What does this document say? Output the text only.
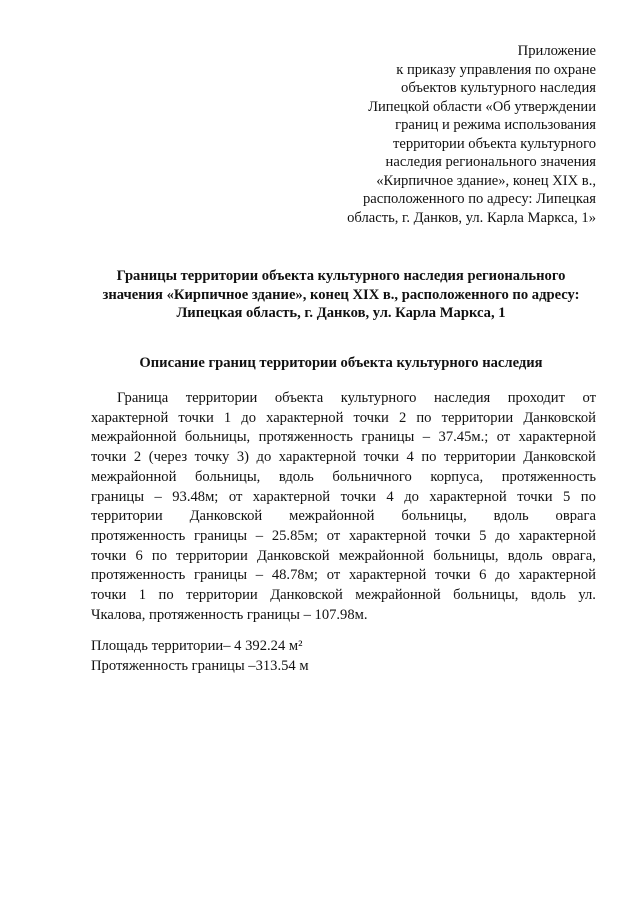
Приложение
к приказу управления по охране
объектов культурного наследия
Липецкой области «Об утверждении
границ и режима использования
территории объекта культурного
наследия регионального значения
«Кирпичное здание», конец XIX в.,
расположенного по адресу: Липецкая
область, г. Данков, ул. Карла Маркса, 1»
Границы территории объекта культурного наследия регионального
значения «Кирпичное здание», конец XIX в., расположенного по адресу:
Липецкая область, г. Данков, ул. Карла Маркса, 1
Описание границ территории объекта культурного наследия
Граница территории объекта культурного наследия проходит от
характерной точки 1 до характерной точки 2 по территории Данковской
межрайонной больницы, протяженность границы – 37.45м.; от характерной
точки 2 (через точку 3) до характерной точки 4 по территории Данковской
межрайонной больницы, вдоль больничного корпуса, протяженность
границы – 93.48м; от характерной точки 4 до характерной точки 5 по
территории Данковской межрайонной больницы, вдоль оврага
протяженность границы – 25.85м; от характерной точки 5 до характерной
точки 6 по территории Данковской межрайонной больницы, вдоль оврага,
протяженность границы – 48.78м; от характерной точки 6 до характерной
точки 1 по территории Данковской межрайонной больницы, вдоль ул.
Чкалова, протяженность границы – 107.98м.
Площадь территории– 4 392.24 м²
Протяженность границы –313.54 м
